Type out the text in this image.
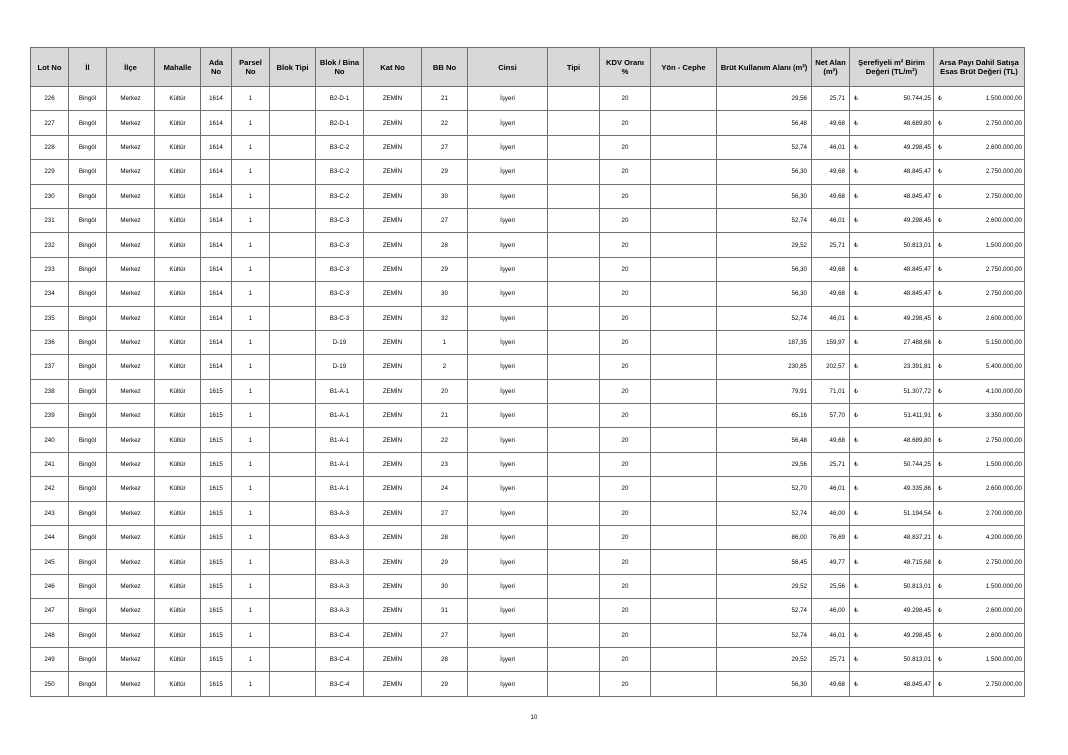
Lot No	İl	İlçe	Mahalle	Ada No	Parsel No	Blok Tipi	Blok / Bina No	Kat No	BB No	Cinsi	Tipi	KDV Oranı %	Yön - Cephe	Brüt Kullanım Alanı (m²)	Net Alan (m²)	Şerefiyeli m² Birim Değeri (TL/m²)	Arsa Payı Dahil Satışa Esas Brüt Değeri (TL)
226	Bingöl	Merkez	Kültür	1614	1		B2-D-1	ZEMİN	21	İşyeri		20		29,56	25,71	₺ 50.744,25	₺ 1.500.000,00
227	Bingöl	Merkez	Kültür	1614	1		B2-D-1	ZEMİN	22	İşyeri		20		56,48	49,68	₺ 48.689,80	₺ 2.750.000,00
228	Bingöl	Merkez	Kültür	1614	1		B3-C-2	ZEMİN	27	İşyeri		20		52,74	46,01	₺ 49.298,45	₺ 2.600.000,00
229	Bingöl	Merkez	Kültür	1614	1		B3-C-2	ZEMİN	29	İşyeri		20		56,30	49,68	₺ 48.845,47	₺ 2.750.000,00
230	Bingöl	Merkez	Kültür	1614	1		B3-C-2	ZEMİN	30	İşyeri		20		56,30	49,68	₺ 48.845,47	₺ 2.750.000,00
231	Bingöl	Merkez	Kültür	1614	1		B3-C-3	ZEMİN	27	İşyeri		20		52,74	46,01	₺ 49.298,45	₺ 2.600.000,00
232	Bingöl	Merkez	Kültür	1614	1		B3-C-3	ZEMİN	28	İşyeri		20		29,52	25,71	₺ 50.813,01	₺ 1.500.000,00
233	Bingöl	Merkez	Kültür	1614	1		B3-C-3	ZEMİN	29	İşyeri		20		56,30	49,68	₺ 48.845,47	₺ 2.750.000,00
234	Bingöl	Merkez	Kültür	1614	1		B3-C-3	ZEMİN	30	İşyeri		20		56,30	49,68	₺ 48.845,47	₺ 2.750.000,00
235	Bingöl	Merkez	Kültür	1614	1		B3-C-3	ZEMİN	32	İşyeri		20		52,74	46,01	₺ 49.298,45	₺ 2.600.000,00
236	Bingöl	Merkez	Kültür	1614	1		D-19	ZEMİN	1	İşyeri		20		187,35	159,97	₺ 27.488,66	₺ 5.150.000,00
237	Bingöl	Merkez	Kültür	1614	1		D-19	ZEMİN	2	İşyeri		20		230,85	202,57	₺ 23.391,81	₺ 5.400.000,00
238	Bingöl	Merkez	Kültür	1615	1		B1-A-1	ZEMİN	20	İşyeri		20		79,91	71,01	₺ 51.307,72	₺ 4.100.000,00
239	Bingöl	Merkez	Kültür	1615	1		B1-A-1	ZEMİN	21	İşyeri		20		65,16	57,70	₺ 51.411,91	₺ 3.350.000,00
240	Bingöl	Merkez	Kültür	1615	1		B1-A-1	ZEMİN	22	İşyeri		20		56,48	49,68	₺ 48.689,80	₺ 2.750.000,00
241	Bingöl	Merkez	Kültür	1615	1		B1-A-1	ZEMİN	23	İşyeri		20		29,56	25,71	₺ 50.744,25	₺ 1.500.000,00
242	Bingöl	Merkez	Kültür	1615	1		B1-A-1	ZEMİN	24	İşyeri		20		52,70	46,01	₺ 49.335,86	₺ 2.600.000,00
243	Bingöl	Merkez	Kültür	1615	1		B3-A-3	ZEMİN	27	İşyeri		20		52,74	46,00	₺ 51.194,54	₺ 2.700.000,00
244	Bingöl	Merkez	Kültür	1615	1		B3-A-3	ZEMİN	28	İşyeri		20		86,00	76,69	₺ 48.837,21	₺ 4.200.000,00
245	Bingöl	Merkez	Kültür	1615	1		B3-A-3	ZEMİN	29	İşyeri		20		56,45	49,77	₺ 48.715,68	₺ 2.750.000,00
246	Bingöl	Merkez	Kültür	1615	1		B3-A-3	ZEMİN	30	İşyeri		20		29,52	25,56	₺ 50.813,01	₺ 1.500.000,00
247	Bingöl	Merkez	Kültür	1615	1		B3-A-3	ZEMİN	31	İşyeri		20		52,74	46,00	₺ 49.298,45	₺ 2.600.000,00
248	Bingöl	Merkez	Kültür	1615	1		B3-C-4	ZEMİN	27	İşyeri		20		52,74	46,01	₺ 49.298,45	₺ 2.600.000,00
249	Bingöl	Merkez	Kültür	1615	1		B3-C-4	ZEMİN	28	İşyeri		20		29,52	25,71	₺ 50.813,01	₺ 1.500.000,00
250	Bingöl	Merkez	Kültür	1615	1		B3-C-4	ZEMİN	29	İşyeri		20		56,30	49,68	₺ 48.845,47	₺ 2.750.000,00
10
